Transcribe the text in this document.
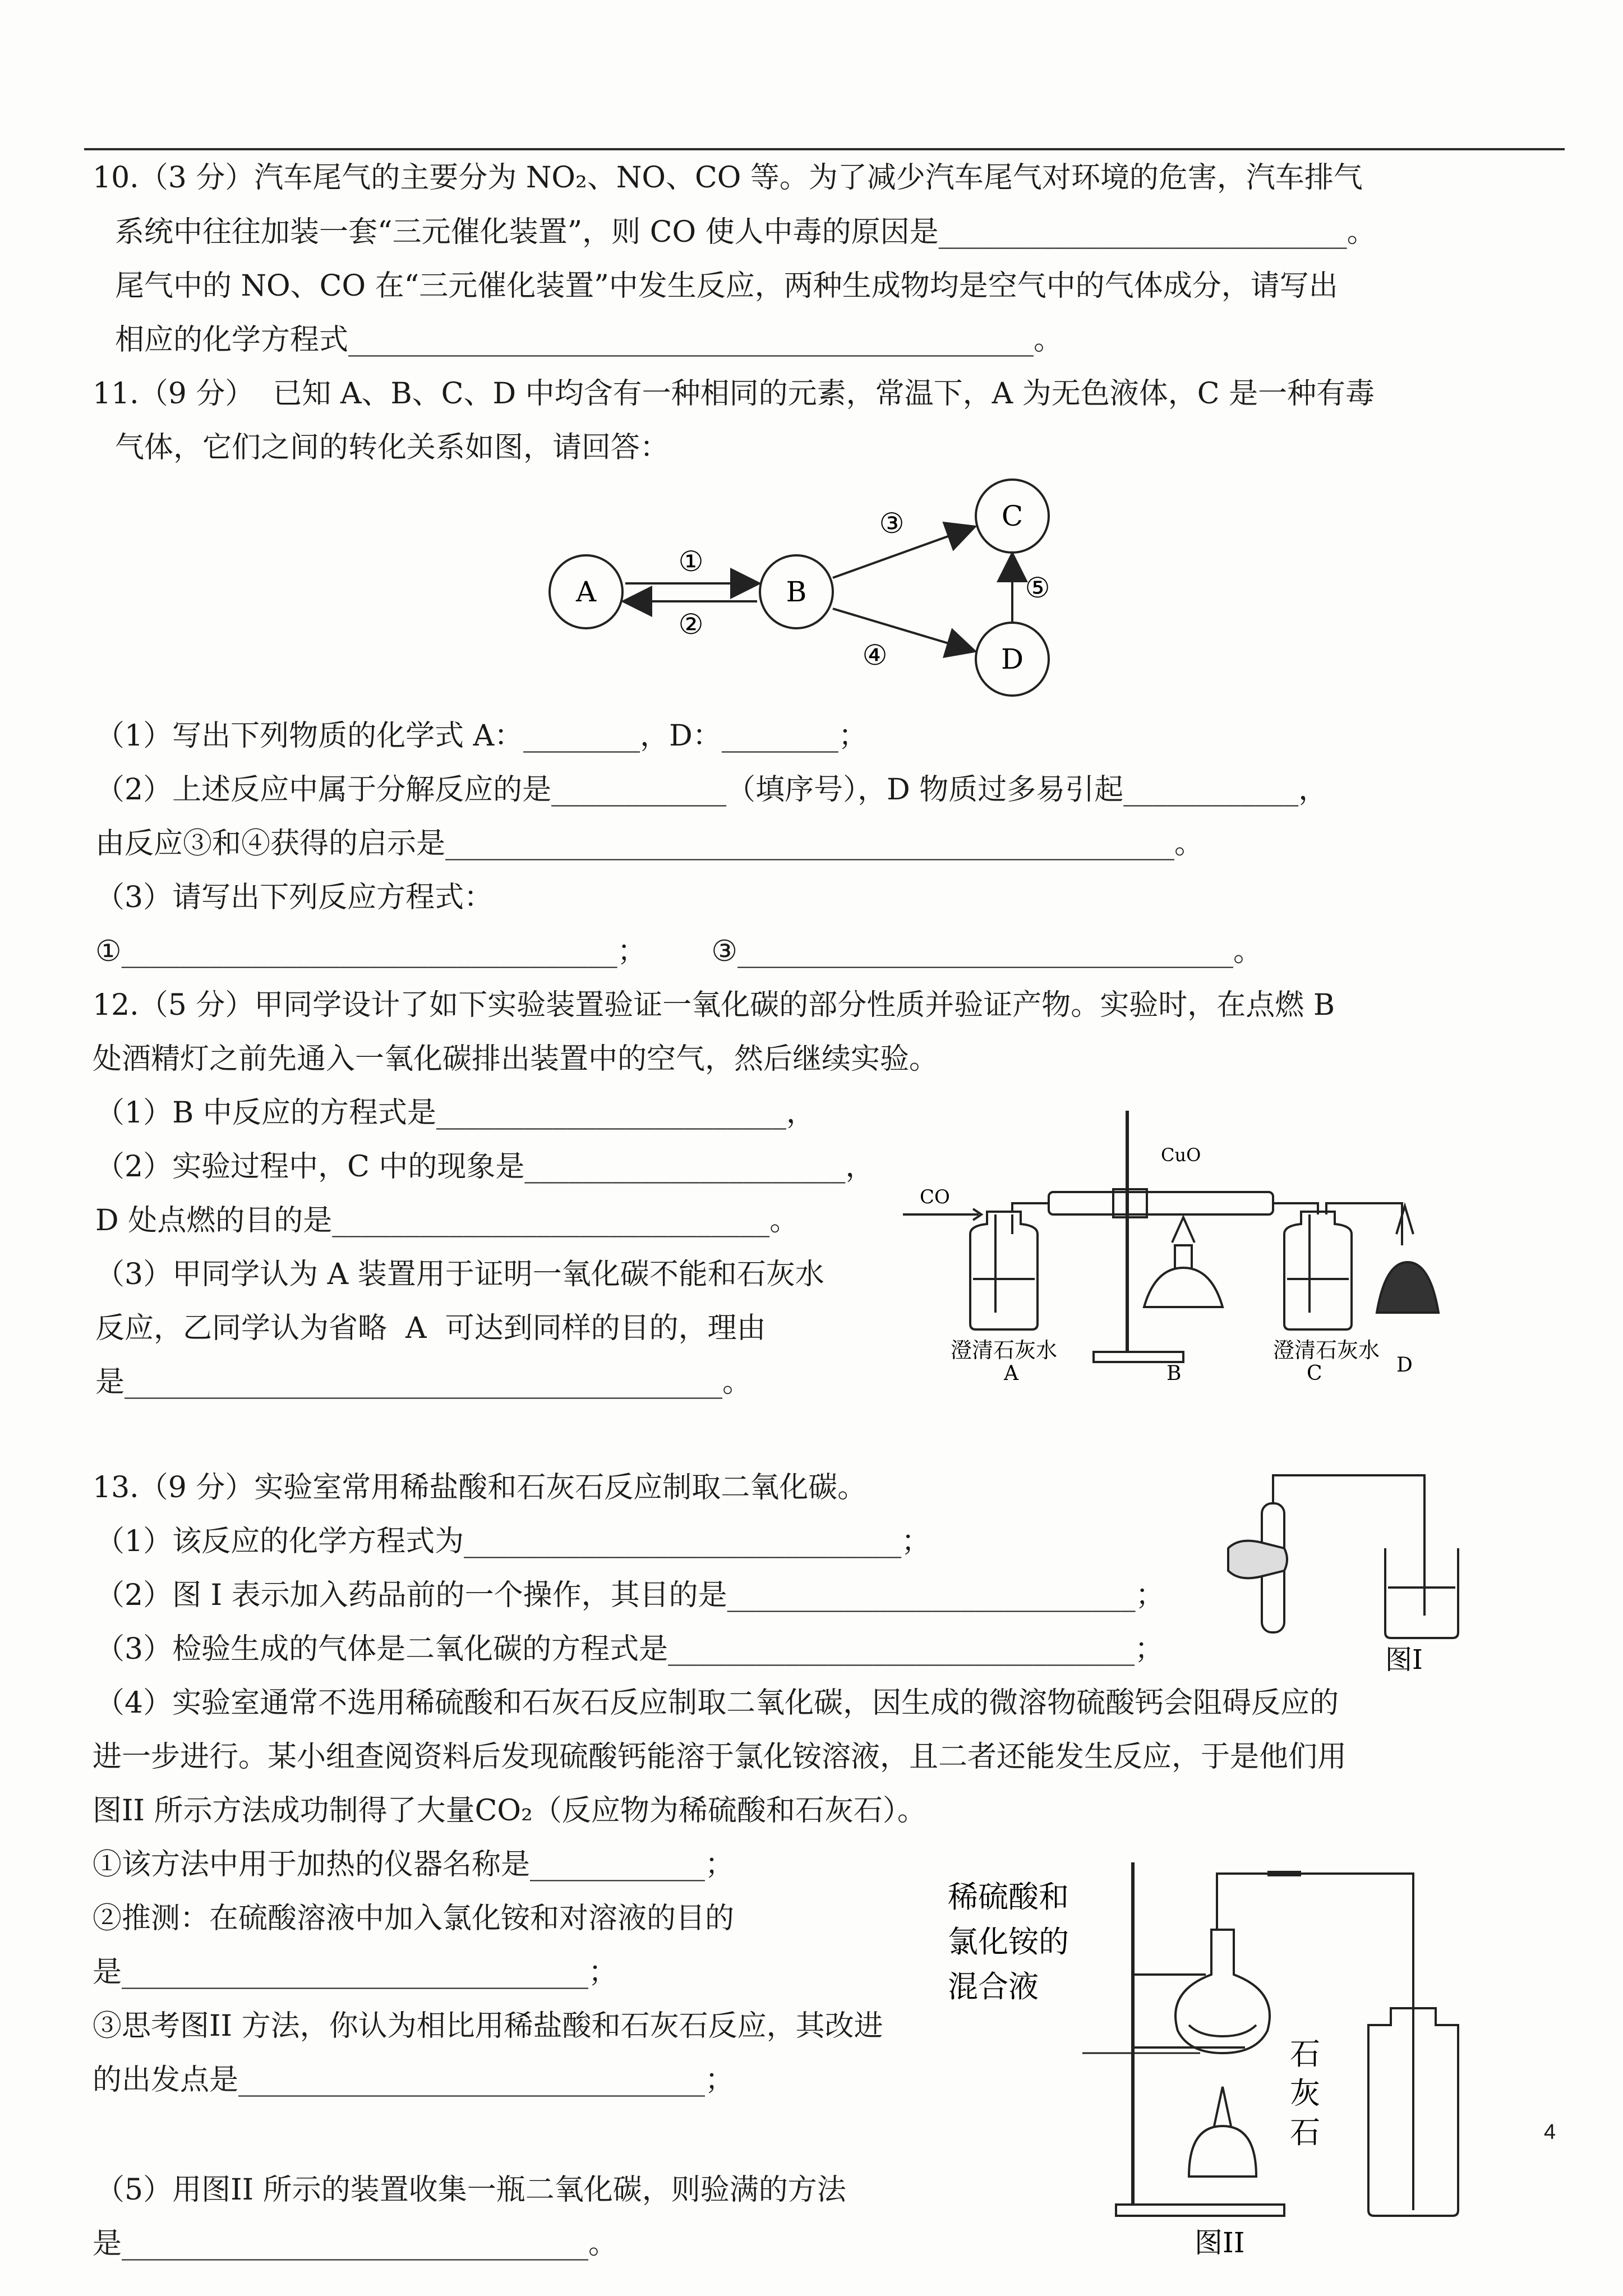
10.（3 分）汽车尾气的主要分为 NO₂、NO、CO 等。为了减少汽车尾气对环境的危害，汽车排气
系统中往往加装一套“三元催化装置”，则 CO 使人中毒的原因是____________________________。
尾气中的 NO、CO 在“三元催化装置”中发生反应，两种生成物均是空气中的气体成分，请写出
相应的化学方程式_______________________________________________。
11.（9 分）  已知 A、B、C、D 中均含有一种相同的元素，常温下，A 为无色液体，C 是一种有毒
气体，它们之间的转化关系如图，请回答：
A	B
C
D
①
②
③
④
⑤
（1）写出下列物质的化学式 A：________，D：________；
（2）上述反应中属于分解反应的是____________（填序号），D 物质过多易引起____________，
由反应③和④获得的启示是__________________________________________________。
（3）请写出下列反应方程式：
①__________________________________；       ③__________________________________。
12.（5 分）甲同学设计了如下实验装置验证一氧化碳的部分性质并验证产物。实验时，在点燃 B
处酒精灯之前先通入一氧化碳排出装置中的空气，然后继续实验。
（1）B 中反应的方程式是________________________，
（2）实验过程中，C 中的现象是______________________，
D 处点燃的目的是______________________________。
（3）甲同学认为 A 装置用于证明一氧化碳不能和石灰水
反应，乙同学认为省略  A  可达到同样的目的，理由
是_________________________________________。
CO
CuO
澄清石灰水	澄清石灰水
A	B	C	D
13.（9 分）实验室常用稀盐酸和石灰石反应制取二氧化碳。
（1）该反应的化学方程式为______________________________；
（2）图 I 表示加入药品前的一个操作，其目的是____________________________；
（3）检验生成的气体是二氧化碳的方程式是________________________________；	图I
（4）实验室通常不选用稀硫酸和石灰石反应制取二氧化碳，因生成的微溶物硫酸钙会阻碍反应的
进一步进行。某小组查阅资料后发现硫酸钙能溶于氯化铵溶液，且二者还能发生反应，于是他们用
图II 所示方法成功制得了大量CO₂（反应物为稀硫酸和石灰石）。
①该方法中用于加热的仪器名称是____________；
②推测：在硫酸溶液中加入氯化铵和对溶液的目的
是________________________________；
③思考图II 方法，你认为相比用稀盐酸和石灰石反应，其改进
的出发点是________________________________；
（5）用图II 所示的装置收集一瓶二氧化碳，则验满的方法
是________________________________。
稀硫酸和
氯化铵的
混合液
石
灰
石
图II
4
